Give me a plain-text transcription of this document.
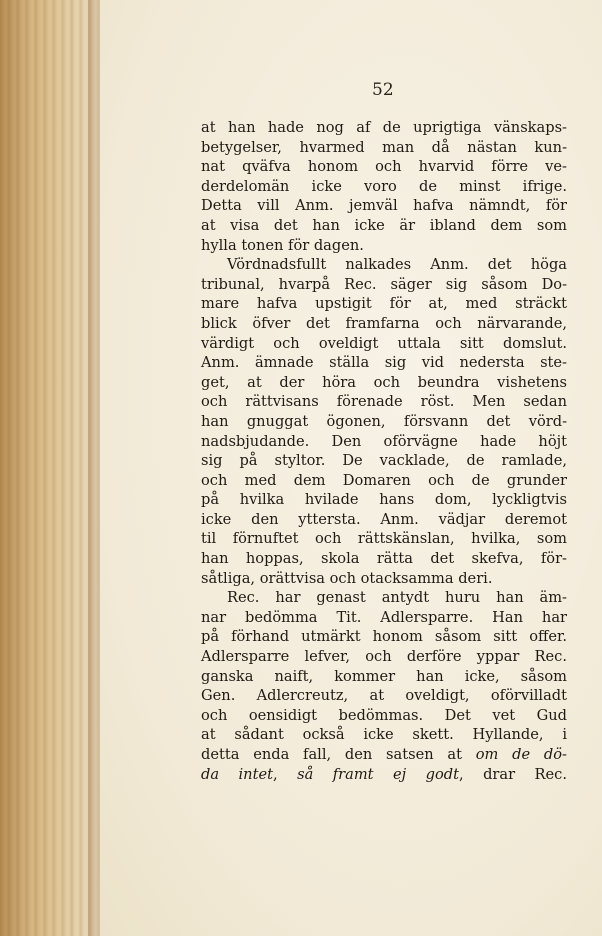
52
at han hade nog af de uprigtiga vänskaps-
betygelser, hvarmed man då nästan kun-
nat qväfva honom och hvarvid förre ve-
derdelomän icke voro de minst ifrige.
Detta vill Anm. jemväl hafva nämndt, för
at visa det han icke är ibland dem som
hylla tonen för dagen.
Vördnadsfullt nalkades Anm. det höga
tribunal, hvarpå Rec. säger sig såsom Do-
mare hafva upstigit för at, med sträckt
blick öfver det framfarna och närvarande,
värdigt och oveldigt uttala sitt domslut.
Anm. ämnade ställa sig vid nedersta ste-
get, at der höra och beundra vishetens
och rättvisans förenade röst. Men sedan
han gnuggat ögonen, försvann det vörd-
nadsbjudande. Den oförvägne hade höjt
sig på styltor. De vacklade, de ramlade,
och med dem Domaren och de grunder
på hvilka hvilade hans dom, lyckligtvis
icke den yttersta. Anm. vädjar deremot
til förnuftet och rättskänslan, hvilka, som
han hoppas, skola rätta det skefva, för-
såtliga, orättvisa och otacksamma deri.
Rec. har genast antydt huru han äm-
nar bedömma Tit. Adlersparre. Han har
på förhand utmärkt honom såsom sitt offer.
Adlersparre lefver, och derföre yppar Rec.
ganska naift, kommer han icke, såsom
Gen. Adlercreutz, at oveldigt, oförvilladt
och oensidigt bedömmas. Det vet Gud
at sådant också icke skett. Hyllande, i
detta enda fall, den satsen at om de dö-
da intet, så framt ej godt, drar Rec.
